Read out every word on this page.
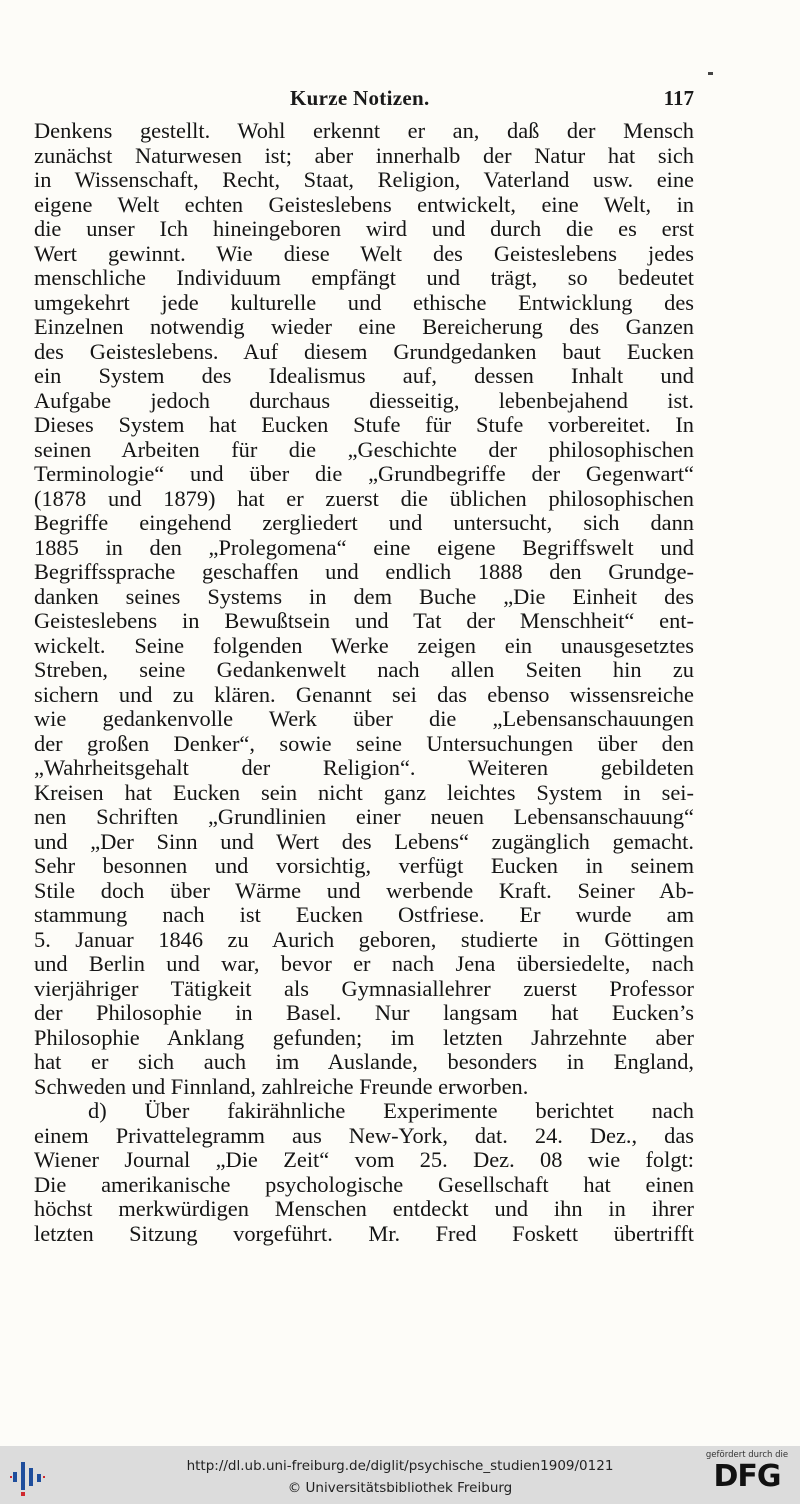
Kurze Notizen.	117
Denkens gestellt. Wohl erkennt er an, daß der Mensch
zunächst Naturwesen ist; aber innerhalb der Natur hat sich
in Wissenschaft, Recht, Staat, Religion, Vaterland usw. eine
eigene Welt echten Geisteslebens entwickelt, eine Welt, in
die unser Ich hineingeboren wird und durch die es erst
Wert gewinnt. Wie diese Welt des Geisteslebens jedes
menschliche Individuum empfängt und trägt, so bedeutet
umgekehrt jede kulturelle und ethische Entwicklung des
Einzelnen notwendig wieder eine Bereicherung des Ganzen
des Geisteslebens. Auf diesem Grundgedanken baut Eucken
ein System des Idealismus auf, dessen Inhalt und
Aufgabe jedoch durchaus diesseitig, lebenbejahend ist.
Dieses System hat Eucken Stufe für Stufe vorbereitet. In
seinen Arbeiten für die „Geschichte der philosophischen
Terminologie“ und über die „Grundbegriffe der Gegenwart“
(1878 und 1879) hat er zuerst die üblichen philosophischen
Begriffe eingehend zergliedert und untersucht, sich dann
1885 in den „Prolegomena“ eine eigene Begriffswelt und
Begriffssprache geschaffen und endlich 1888 den Grundge-
danken seines Systems in dem Buche „Die Einheit des
Geisteslebens in Bewußtsein und Tat der Menschheit“ ent-
wickelt. Seine folgenden Werke zeigen ein unausgesetztes
Streben, seine Gedankenwelt nach allen Seiten hin zu
sichern und zu klären. Genannt sei das ebenso wissensreiche
wie gedankenvolle Werk über die „Lebensanschauungen
der großen Denker“, sowie seine Untersuchungen über den
„Wahrheitsgehalt der Religion“. Weiteren gebildeten
Kreisen hat Eucken sein nicht ganz leichtes System in sei-
nen Schriften „Grundlinien einer neuen Lebensanschauung“
und „Der Sinn und Wert des Lebens“ zugänglich gemacht.
Sehr besonnen und vorsichtig, verfügt Eucken in seinem
Stile doch über Wärme und werbende Kraft. Seiner Ab-
stammung nach ist Eucken Ostfriese. Er wurde am
5. Januar 1846 zu Aurich geboren, studierte in Göttingen
und Berlin und war, bevor er nach Jena übersiedelte, nach
vierjähriger Tätigkeit als Gymnasiallehrer zuerst Professor
der Philosophie in Basel. Nur langsam hat Eucken’s
Philosophie Anklang gefunden; im letzten Jahrzehnte aber
hat er sich auch im Auslande, besonders in England,
Schweden und Finnland, zahlreiche Freunde erworben.
d) Über fakirähnliche Experimente berichtet nach
einem Privattelegramm aus New-York, dat. 24. Dez., das
Wiener Journal „Die Zeit“ vom 25. Dez. 08 wie folgt:
Die amerikanische psychologische Gesellschaft hat einen
höchst merkwürdigen Menschen entdeckt und ihn in ihrer
letzten Sitzung vorgeführt. Mr. Fred Foskett übertrifft
http://dl.ub.uni-freiburg.de/diglit/psychische_studien1909/0121
© Universitätsbibliothek Freiburg
gefördert durch die
DFG
